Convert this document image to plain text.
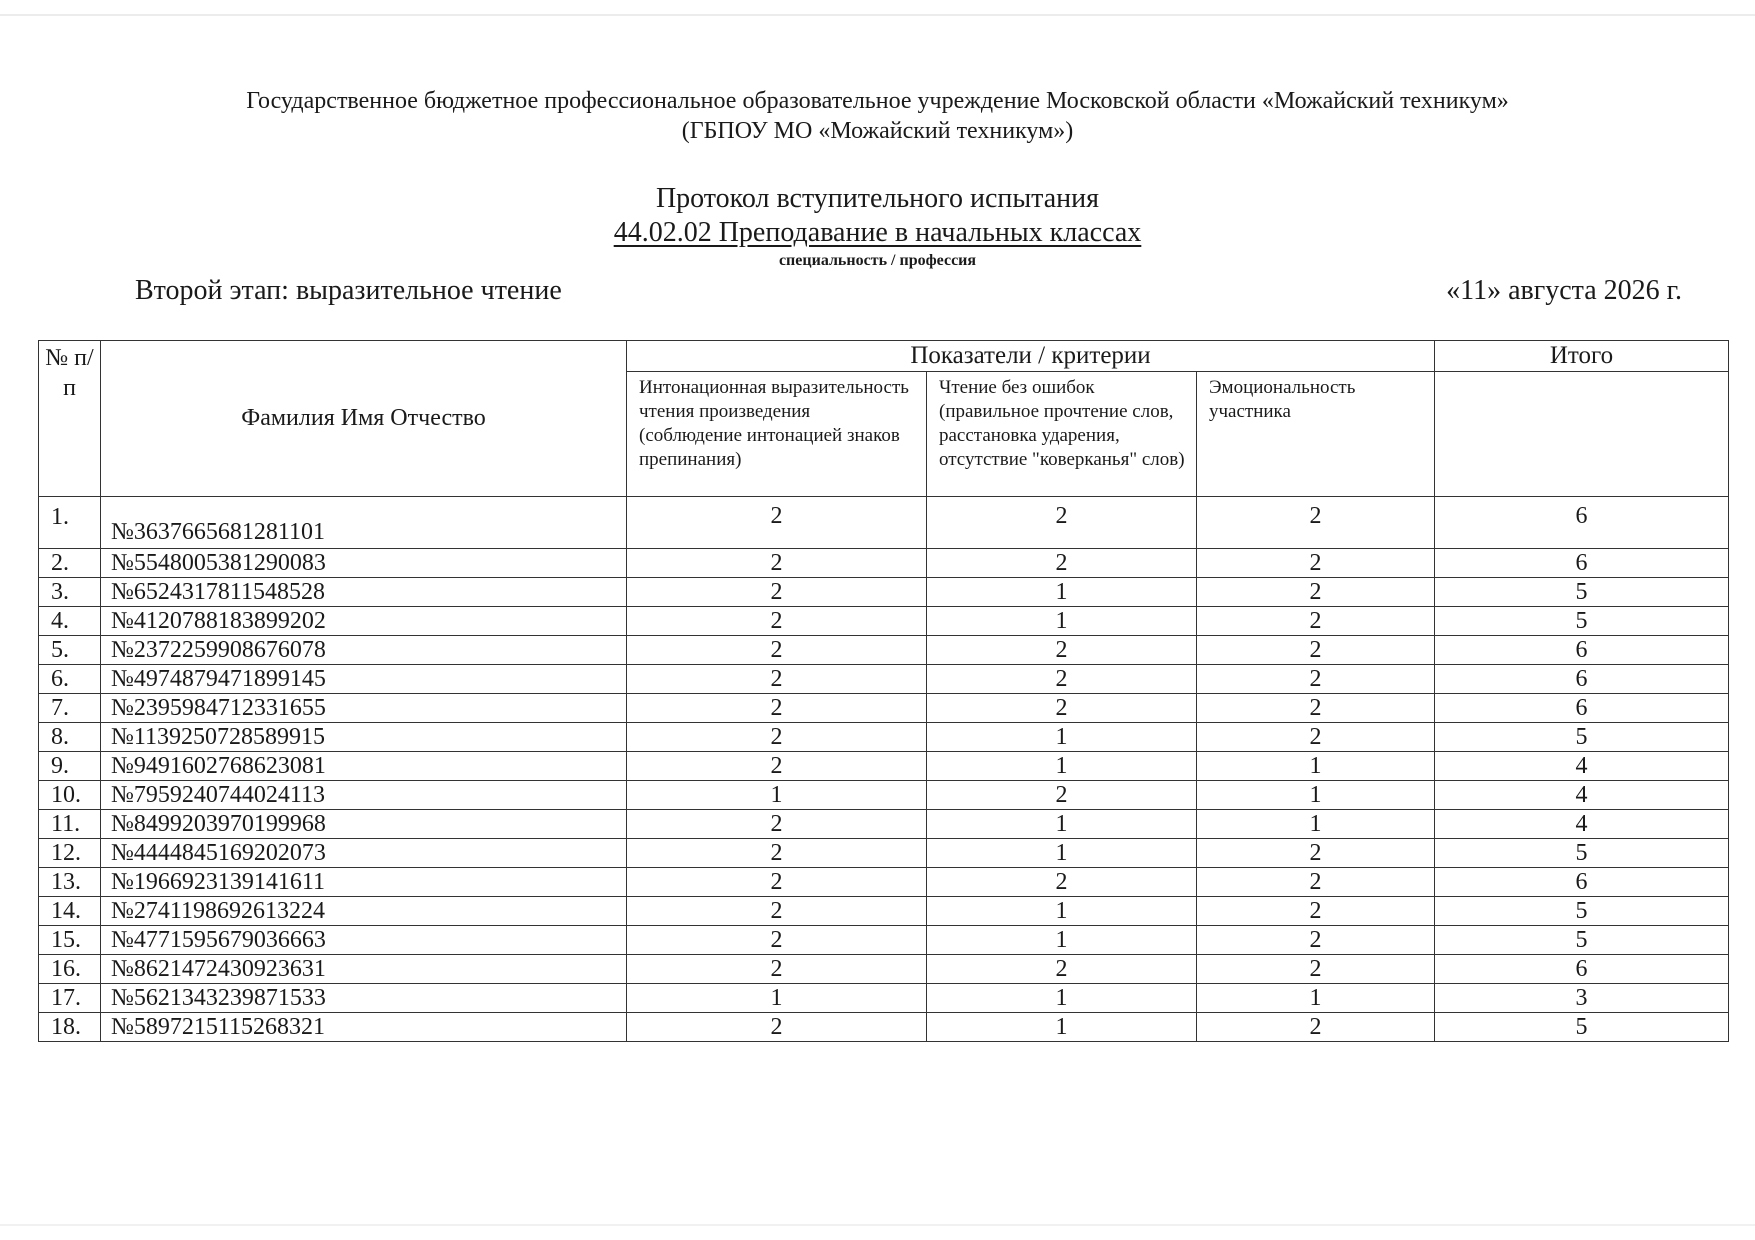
Государственное бюджетное профессиональное образовательное учреждение Московской области «Можайский техникум»
(ГБПОУ МО «Можайский техникум»)
Протокол вступительного испытания
44.02.02 Преподавание в начальных классах
специальность / профессия
Второй этап: выразительное чтение	«11» августа 2026 г.
№ п/п	Фамилия Имя Отчество	Показатели / критерии			Итого
		Интонационная выразительность чтения произведения (соблюдение интонацией знаков препинания)	Чтение без ошибок (правильное прочтение слов, расстановка ударения, отсутствие "коверканья" слов)	Эмоциональность участника	
1.	№3637665681281101	2	2	2	6
2.	№5548005381290083	2	2	2	6
3.	№6524317811548528	2	1	2	5
4.	№4120788183899202	2	1	2	5
5.	№2372259908676078	2	2	2	6
6.	№4974879471899145	2	2	2	6
7.	№2395984712331655	2	2	2	6
8.	№1139250728589915	2	1	2	5
9.	№9491602768623081	2	1	1	4
10.	№7959240744024113	1	2	1	4
11.	№8499203970199968	2	1	1	4
12.	№4444845169202073	2	1	2	5
13.	№1966923139141611	2	2	2	6
14.	№2741198692613224	2	1	2	5
15.	№4771595679036663	2	1	2	5
16.	№8621472430923631	2	2	2	6
17.	№5621343239871533	1	1	1	3
18.	№5897215115268321	2	1	2	5
